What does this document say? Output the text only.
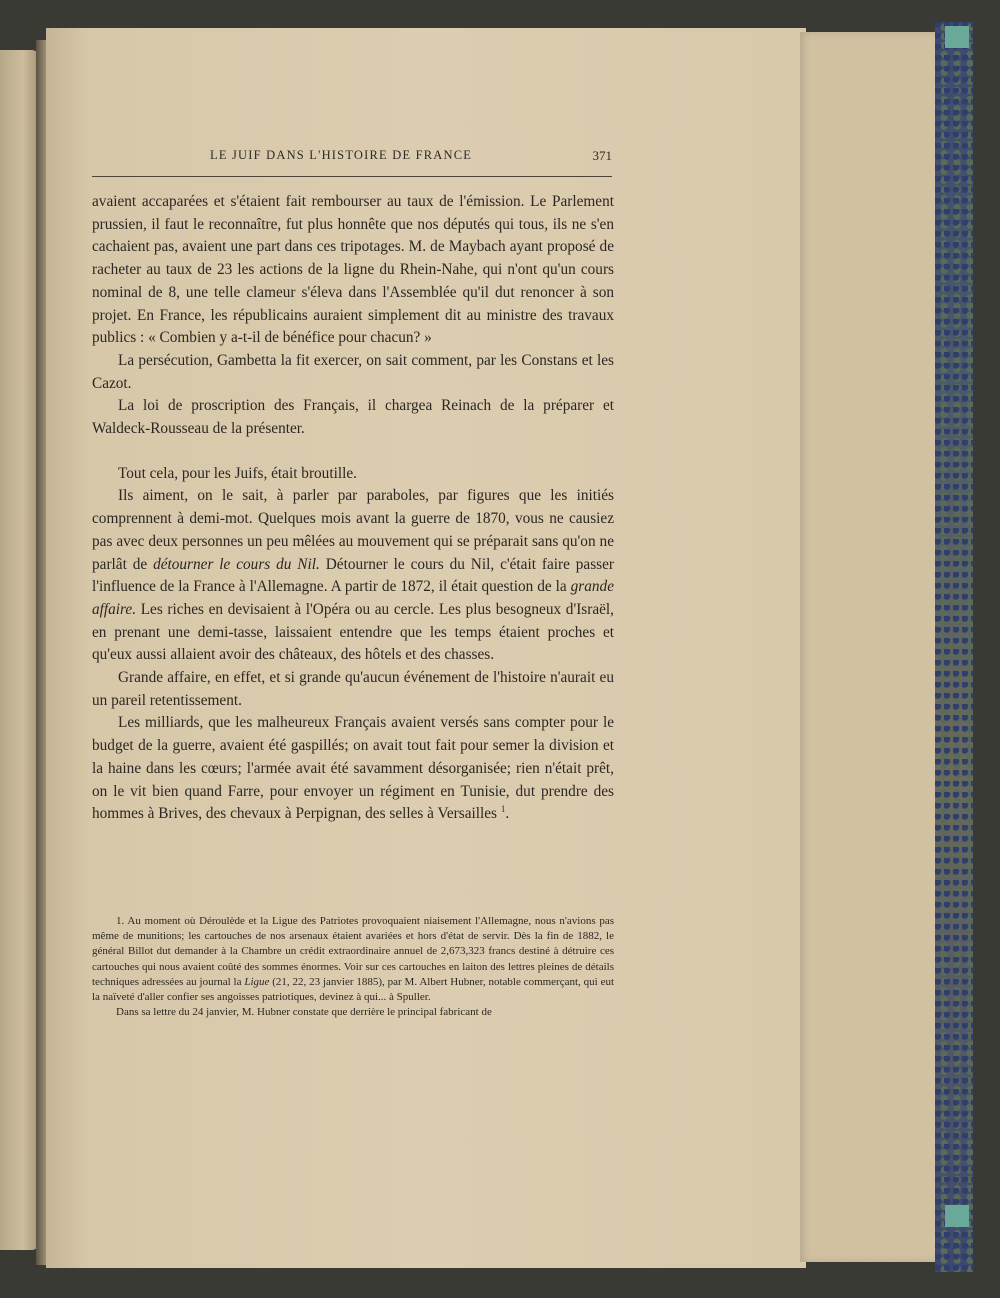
LE JUIF DANS L'HISTOIRE DE FRANCE	371

avaient accaparées et s'étaient fait rembourser au taux de l'émission. Le Parlement prussien, il faut le reconnaître, fut plus honnête que nos députés qui tous, ils ne s'en cachaient pas, avaient une part dans ces tripotages. M. de Maybach ayant proposé de racheter au taux de 23 les actions de la ligne du Rhein-Nahe, qui n'ont qu'un cours nominal de 8, une telle clameur s'éleva dans l'Assemblée qu'il dut renoncer à son projet. En France, les républicains auraient simplement dit au ministre des travaux publics : « Combien y a-t-il de bénéfice pour chacun? »

La persécution, Gambetta la fit exercer, on sait comment, par les Constans et les Cazot.

La loi de proscription des Français, il chargea Reinach de la préparer et Waldeck-Rousseau de la présenter.

Tout cela, pour les Juifs, était broutille.

Ils aiment, on le sait, à parler par paraboles, par figures que les initiés comprennent à demi-mot. Quelques mois avant la guerre de 1870, vous ne causiez pas avec deux personnes un peu mêlées au mouvement qui se préparait sans qu'on ne parlât de détourner le cours du Nil. Détourner le cours du Nil, c'était faire passer l'influence de la France à l'Allemagne. A partir de 1872, il était question de la grande affaire. Les riches en devisaient à l'Opéra ou au cercle. Les plus besogneux d'Israël, en prenant une demi-tasse, laissaient entendre que les temps étaient proches et qu'eux aussi allaient avoir des châteaux, des hôtels et des chasses.

Grande affaire, en effet, et si grande qu'aucun événement de l'histoire n'aurait eu un pareil retentissement.

Les milliards, que les malheureux Français avaient versés sans compter pour le budget de la guerre, avaient été gaspillés; on avait tout fait pour semer la division et la haine dans les cœurs; l'armée avait été savamment désorganisée; rien n'était prêt, on le vit bien quand Farre, pour envoyer un régiment en Tunisie, dut prendre des hommes à Brives, des chevaux à Perpignan, des selles à Versailles $^1$.

1. Au moment où Déroulède et la Ligue des Patriotes provoquaient niaisement l'Allemagne, nous n'avions pas même de munitions; les cartouches de nos arsenaux étaient avariées et hors d'état de servir. Dès la fin de 1882, le général Billot dut demander à la Chambre un crédit extraordinaire annuel de 2,673,323 francs destiné à détruire ces cartouches qui nous avaient coûté des sommes énormes. Voir sur ces cartouches en laiton des lettres pleines de détails techniques adressées au journal la Ligue (21, 22, 23 janvier 1885), par M. Albert Hubner, notable commerçant, qui eut la naïveté d'aller confier ses angoisses patriotiques, devinez à qui... à Spuller.

Dans sa lettre du 24 janvier, M. Hubner constate que derrière le principal fabricant de
